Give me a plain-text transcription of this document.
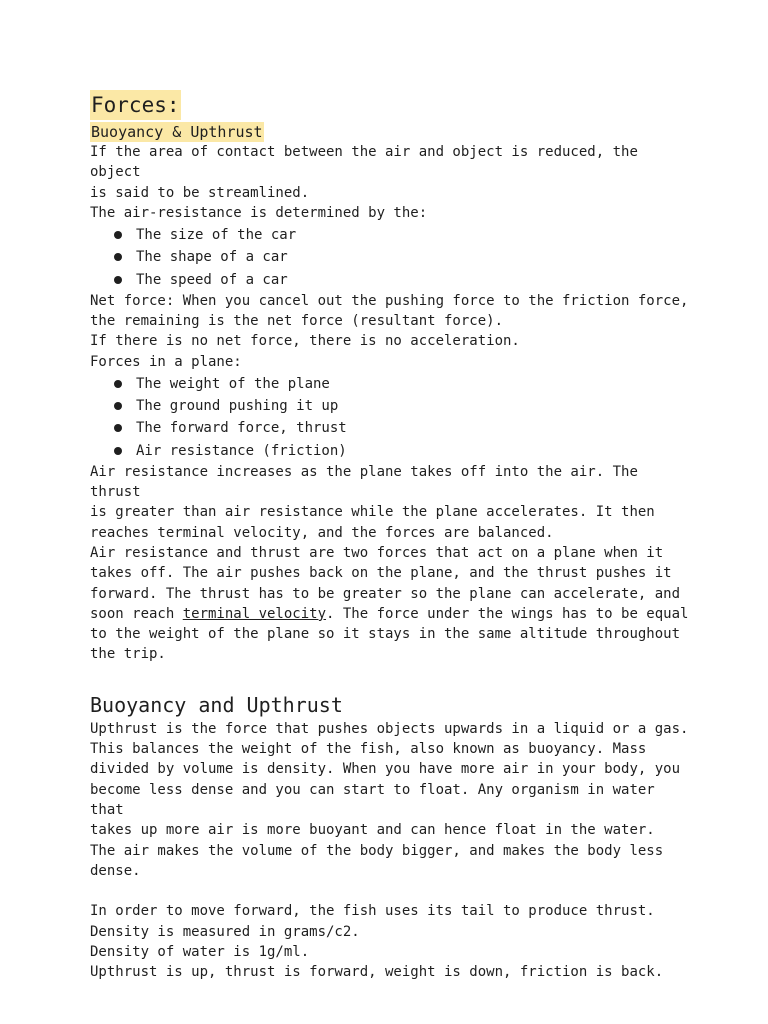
Forces:
Buoyancy & Upthrust

If the area of contact between the air and object is reduced, the object
is said to be streamlined.

The air-resistance is determined by the:

The size of the car
The shape of a car
The speed of a car

Net force: When you cancel out the pushing force to the friction force,
the remaining is the net force (resultant force).

If there is no net force, there is no acceleration.

Forces in a plane:

The weight of the plane
The ground pushing it up
The forward force, thrust
Air resistance (friction)

Air resistance increases as the plane takes off into the air. The thrust
is greater than air resistance while the plane accelerates. It then
reaches terminal velocity, and the forces are balanced.

Air resistance and thrust are two forces that act on a plane when it
takes off. The air pushes back on the plane, and the thrust pushes it
forward. The thrust has to be greater so the plane can accelerate, and
soon reach terminal velocity. The force under the wings has to be equal
to the weight of the plane so it stays in the same altitude throughout
the trip.

Buoyancy and Upthrust

Upthrust is the force that pushes objects upwards in a liquid or a gas.
This balances the weight of the fish, also known as buoyancy. Mass
divided by volume is density. When you have more air in your body, you
become less dense and you can start to float. Any organism in water that
takes up more air is more buoyant and can hence float in the water.

The air makes the volume of the body bigger, and makes the body less
dense.

In order to move forward, the fish uses its tail to produce thrust.

Density is measured in grams/c2.

Density of water is 1g/ml.

Upthrust is up, thrust is forward, weight is down, friction is back.
